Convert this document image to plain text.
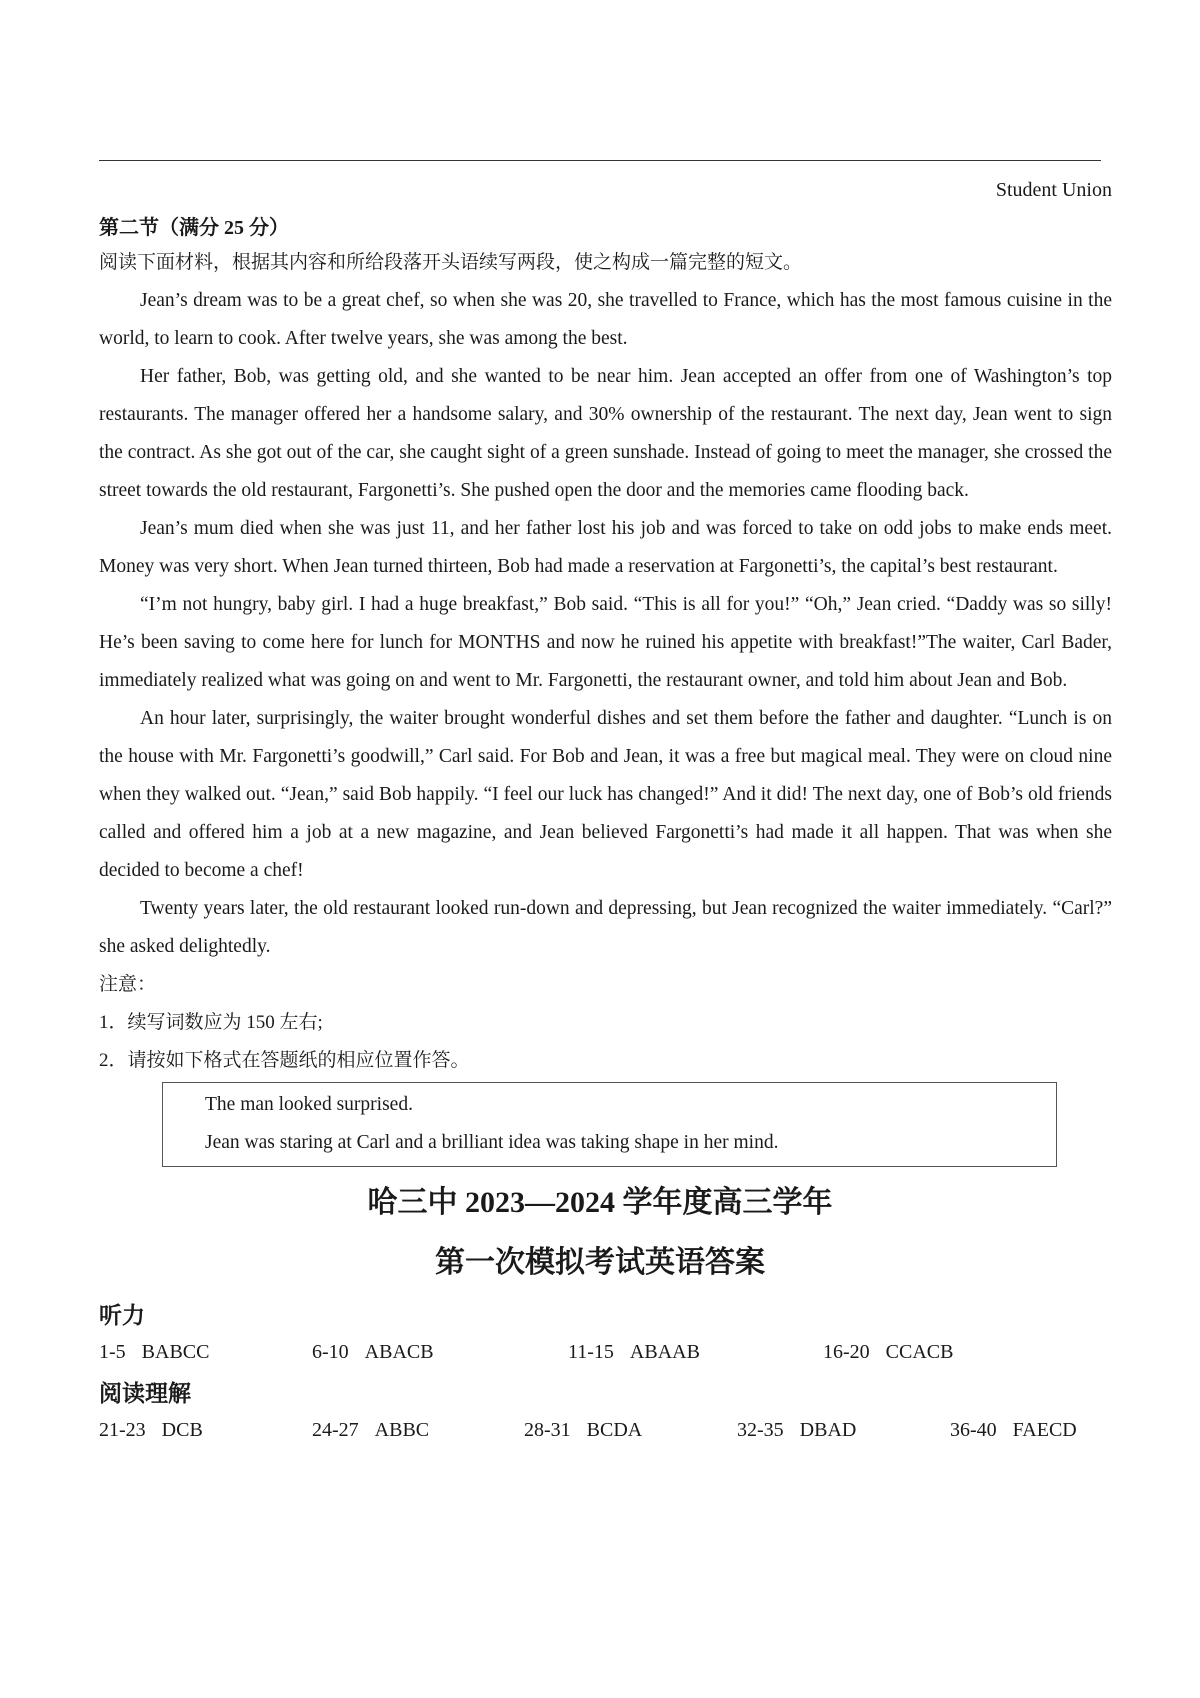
Student Union

第二节（满分 25 分）

阅读下面材料，根据其内容和所给段落开头语续写两段，使之构成一篇完整的短文。

Jean’s dream was to be a great chef, so when she was 20, she travelled to France, which has the most famous cuisine in the world, to learn to cook. After twelve years, she was among the best.

Her father, Bob, was getting old, and she wanted to be near him. Jean accepted an offer from one of Washington’s top restaurants. The manager offered her a handsome salary, and 30% ownership of the restaurant. The next day, Jean went to sign the contract. As she got out of the car, she caught sight of a green sunshade. Instead of going to meet the manager, she crossed the street towards the old restaurant, Fargonetti’s. She pushed open the door and the memories came flooding back.

Jean’s mum died when she was just 11, and her father lost his job and was forced to take on odd jobs to make ends meet. Money was very short. When Jean turned thirteen, Bob had made a reservation at Fargonetti’s, the capital’s best restaurant.

“I’m not hungry, baby girl. I had a huge breakfast,” Bob said. “This is all for you!” “Oh,” Jean cried. “Daddy was so silly! He’s been saving to come here for lunch for MONTHS and now he ruined his appetite with breakfast!”The waiter, Carl Bader, immediately realized what was going on and went to Mr. Fargonetti, the restaurant owner, and told him about Jean and Bob.

An hour later, surprisingly, the waiter brought wonderful dishes and set them before the father and daughter. “Lunch is on the house with Mr. Fargonetti’s goodwill,” Carl said. For Bob and Jean, it was a free but magical meal. They were on cloud nine when they walked out. “Jean,” said Bob happily. “I feel our luck has changed!” And it did! The next day, one of Bob’s old friends called and offered him a job at a new magazine, and Jean believed Fargonetti’s had made it all happen. That was when she decided to become a chef!

Twenty years later, the old restaurant looked run-down and depressing, but Jean recognized the waiter immediately. “Carl?” she asked delightedly.

注意：

1．续写词数应为 150 左右;

2．请按如下格式在答题纸的相应位置作答。

The man looked surprised.

Jean was staring at Carl and a brilliant idea was taking shape in her mind.

哈三中 2023—2024 学年度高三学年

第一次模拟考试英语答案

听力

1-5 BABCC	6-10 ABACB	11-15 ABAAB	16-20 CCACB

阅读理解

21-23 DCB	24-27 ABBC	28-31 BCDA	32-35 DBAD	36-40 FAECD
